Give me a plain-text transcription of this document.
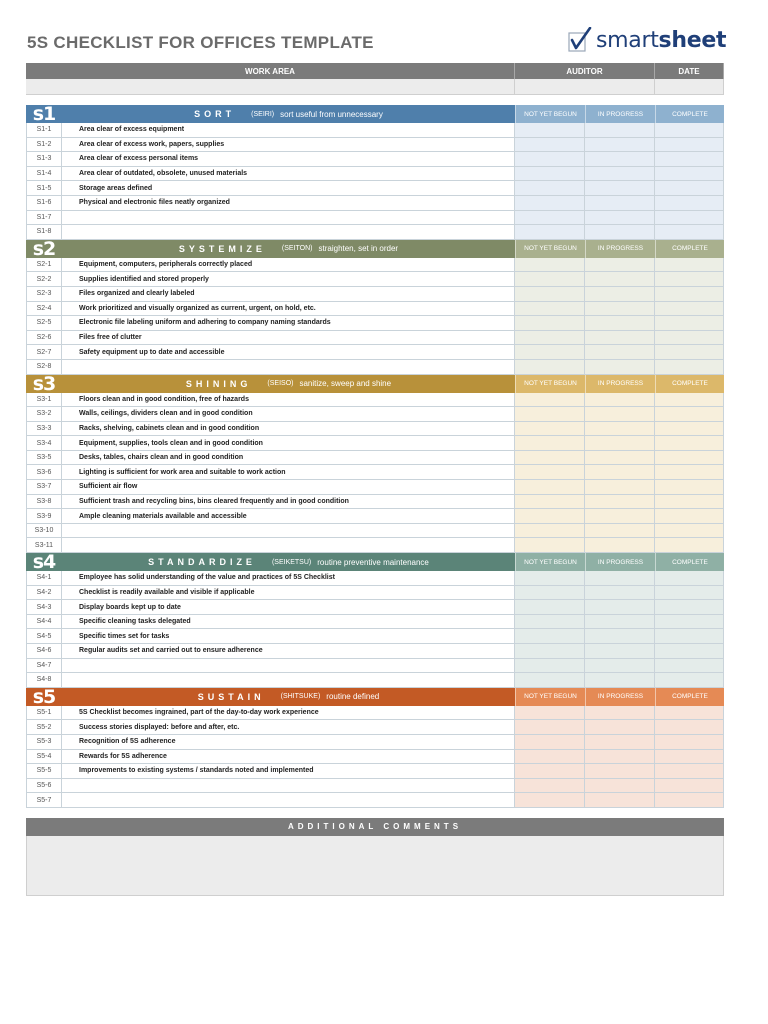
5S CHECKLIST FOR OFFICES TEMPLATE	smartsheet
WORK AREA	AUDITOR	DATE
s1	SORT (SEIRI) sort useful from unnecessary	NOT YET BEGUN	IN PROGRESS	COMPLETE
S1-1	Area clear of excess equipment
S1-2	Area clear of excess work, papers, supplies
S1-3	Area clear of excess personal items
S1-4	Area clear of outdated, obsolete, unused materials
S1-5	Storage areas defined
S1-6	Physical and electronic files neatly organized
S1-7
S1-8
s2	SYSTEMIZE (SEITON) straighten, set in order	NOT YET BEGUN	IN PROGRESS	COMPLETE
S2-1	Equipment, computers, peripherals correctly placed
S2-2	Supplies identified and stored properly
S2-3	Files organized and clearly labeled
S2-4	Work prioritized and visually organized as current, urgent, on hold, etc.
S2-5	Electronic file labeling uniform and adhering to company naming standards
S2-6	Files free of clutter
S2-7	Safety equipment up to date and accessible
S2-8
s3	SHINING (SEISO) sanitize, sweep and shine	NOT YET BEGUN	IN PROGRESS	COMPLETE
S3-1	Floors clean and in good condition, free of hazards
S3-2	Walls, ceilings, dividers clean and in good condition
S3-3	Racks, shelving, cabinets clean and in good condition
S3-4	Equipment, supplies, tools clean and in good condition
S3-5	Desks, tables, chairs clean and in good condition
S3-6	Lighting is sufficient for work area and suitable to work action
S3-7	Sufficient air flow
S3-8	Sufficient trash and recycling bins, bins cleared frequently and in good condition
S3-9	Ample cleaning materials available and accessible
S3-10
S3-11
s4	STANDARDIZE (SEIKETSU) routine preventive maintenance	NOT YET BEGUN	IN PROGRESS	COMPLETE
S4-1	Employee has solid understanding of the value and practices of 5S Checklist
S4-2	Checklist is readily available and visible if applicable
S4-3	Display boards kept up to date
S4-4	Specific cleaning tasks delegated
S4-5	Specific times set for tasks
S4-6	Regular audits set and carried out to ensure adherence
S4-7
S4-8
s5	SUSTAIN (SHITSUKE) routine defined	NOT YET BEGUN	IN PROGRESS	COMPLETE
S5-1	5S Checklist becomes ingrained, part of the day-to-day work experience
S5-2	Success stories displayed: before and after, etc.
S5-3	Recognition of 5S adherence
S5-4	Rewards for 5S adherence
S5-5	Improvements to existing systems / standards noted and implemented
S5-6
S5-7
ADDITIONAL COMMENTS
